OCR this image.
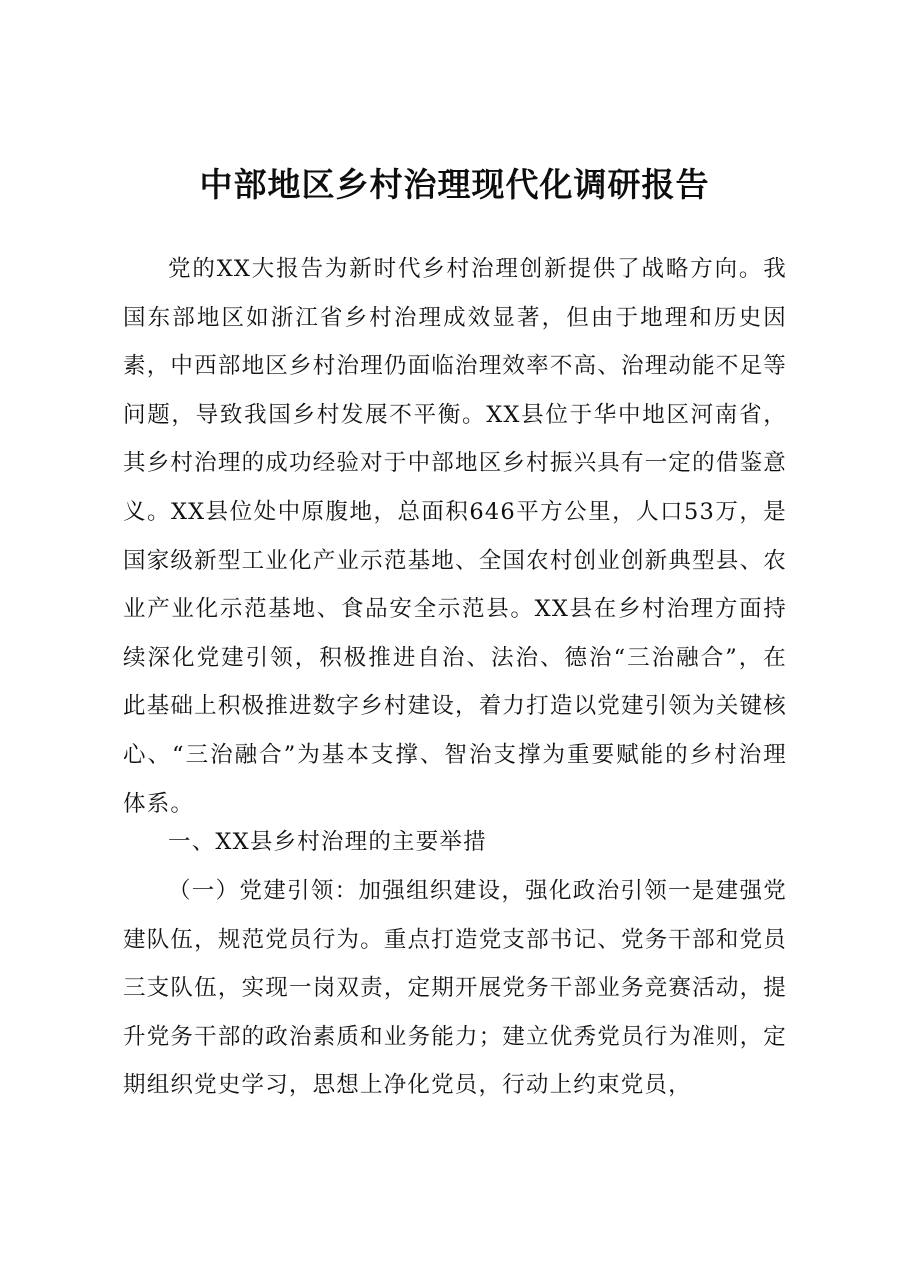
中部地区乡村治理现代化调研报告

党的XX大报告为新时代乡村治理创新提供了战略方向。我国东部地区如浙江省乡村治理成效显著，但由于地理和历史因素，中西部地区乡村治理仍面临治理效率不高、治理动能不足等问题，导致我国乡村发展不平衡。XX县位于华中地区河南省，其乡村治理的成功经验对于中部地区乡村振兴具有一定的借鉴意义。XX县位处中原腹地，总面积646平方公里，人口53万，是国家级新型工业化产业示范基地、全国农村创业创新典型县、农业产业化示范基地、食品安全示范县。XX县在乡村治理方面持续深化党建引领，积极推进自治、法治、德治“三治融合”，在此基础上积极推进数字乡村建设，着力打造以党建引领为关键核心、“三治融合”为基本支撑、智治支撑为重要赋能的乡村治理体系。

一、XX县乡村治理的主要举措

（一）党建引领：加强组织建设，强化政治引领一是建强党建队伍，规范党员行为。重点打造党支部书记、党务干部和党员三支队伍，实现一岗双责，定期开展党务干部业务竞赛活动，提升党务干部的政治素质和业务能力；建立优秀党员行为准则，定期组织党史学习，思想上净化党员，行动上约束党员，
